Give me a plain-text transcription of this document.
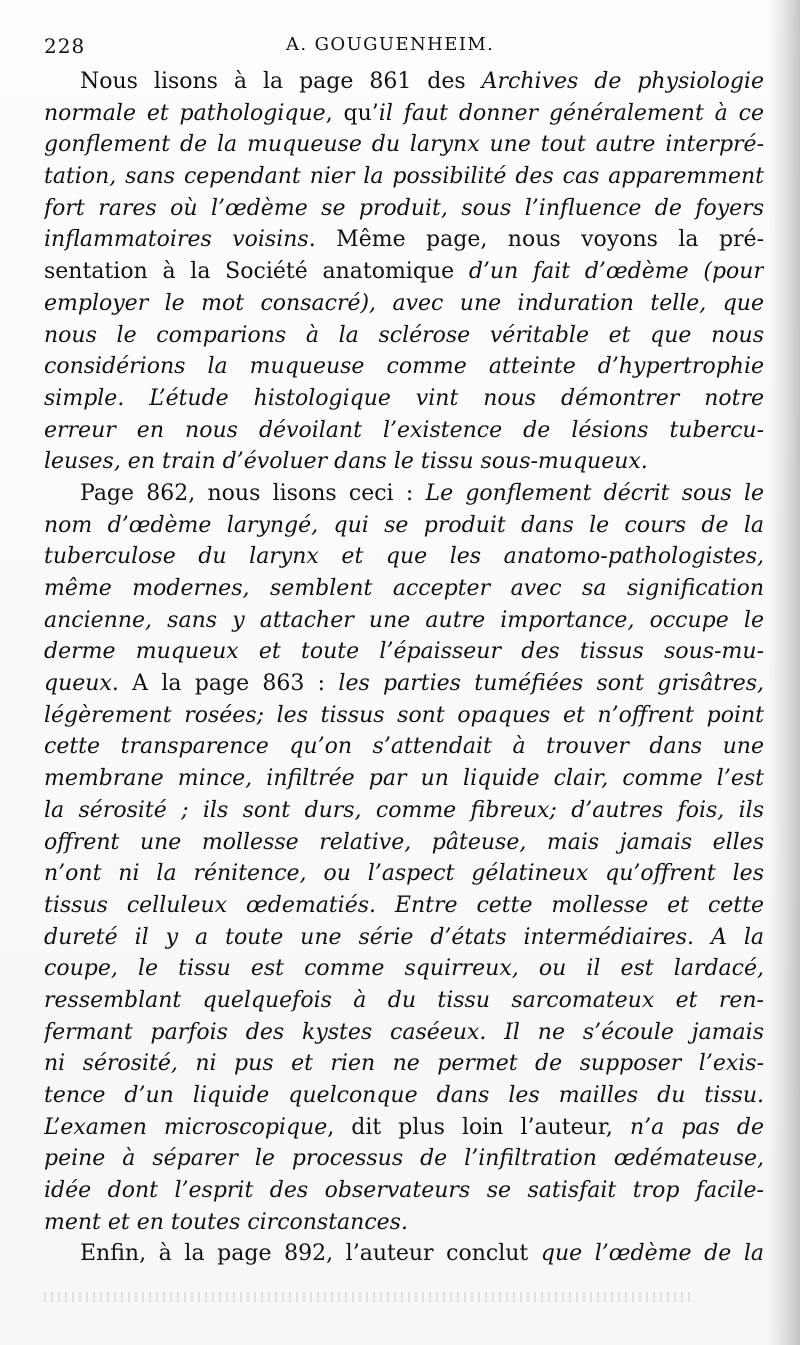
228	A. GOUGUENHEIM.
Nous lisons à la page 861 des Archives de physiologie
normale et pathologique, qu’il faut donner généralement à ce
gonflement de la muqueuse du larynx une tout autre interpré-
tation, sans cependant nier la possibilité des cas apparemment
fort rares où l’œdème se produit, sous l’influence de foyers
inflammatoires voisins. Même page, nous voyons la pré-
sentation à la Société anatomique d’un fait d’œdème (pour
employer le mot consacré), avec une induration telle, que
nous le comparions à la sclérose véritable et que nous
considérions la muqueuse comme atteinte d’hypertrophie
simple. L’étude histologique vint nous démontrer notre
erreur en nous dévoilant l’existence de lésions tubercu-
leuses, en train d’évoluer dans le tissu sous-muqueux.
Page 862, nous lisons ceci : Le gonflement décrit sous le
nom d’œdème laryngé, qui se produit dans le cours de la
tuberculose du larynx et que les anatomo-pathologistes,
même modernes, semblent accepter avec sa signification
ancienne, sans y attacher une autre importance, occupe le
derme muqueux et toute l’épaisseur des tissus sous-mu-
queux. A la page 863 : les parties tuméfiées sont grisâtres,
légèrement rosées; les tissus sont opaques et n’offrent point
cette transparence qu’on s’attendait à trouver dans une
membrane mince, infiltrée par un liquide clair, comme l’est
la sérosité ; ils sont durs, comme fibreux; d’autres fois, ils
offrent une mollesse relative, pâteuse, mais jamais elles
n’ont ni la rénitence, ou l’aspect gélatineux qu’offrent les
tissus celluleux œdematiés. Entre cette mollesse et cette
dureté il y a toute une série d’états intermédiaires. A la
coupe, le tissu est comme squirreux, ou il est lardacé,
ressemblant quelquefois à du tissu sarcomateux et ren-
fermant parfois des kystes caséeux. Il ne s’écoule jamais
ni sérosité, ni pus et rien ne permet de supposer l’exis-
tence d’un liquide quelconque dans les mailles du tissu.
L’examen microscopique, dit plus loin l’auteur, n’a pas de
peine à séparer le processus de l’infiltration œdémateuse,
idée dont l’esprit des observateurs se satisfait trop facile-
ment et en toutes circonstances.
Enfin, à la page 892, l’auteur conclut que l’œdème de la
